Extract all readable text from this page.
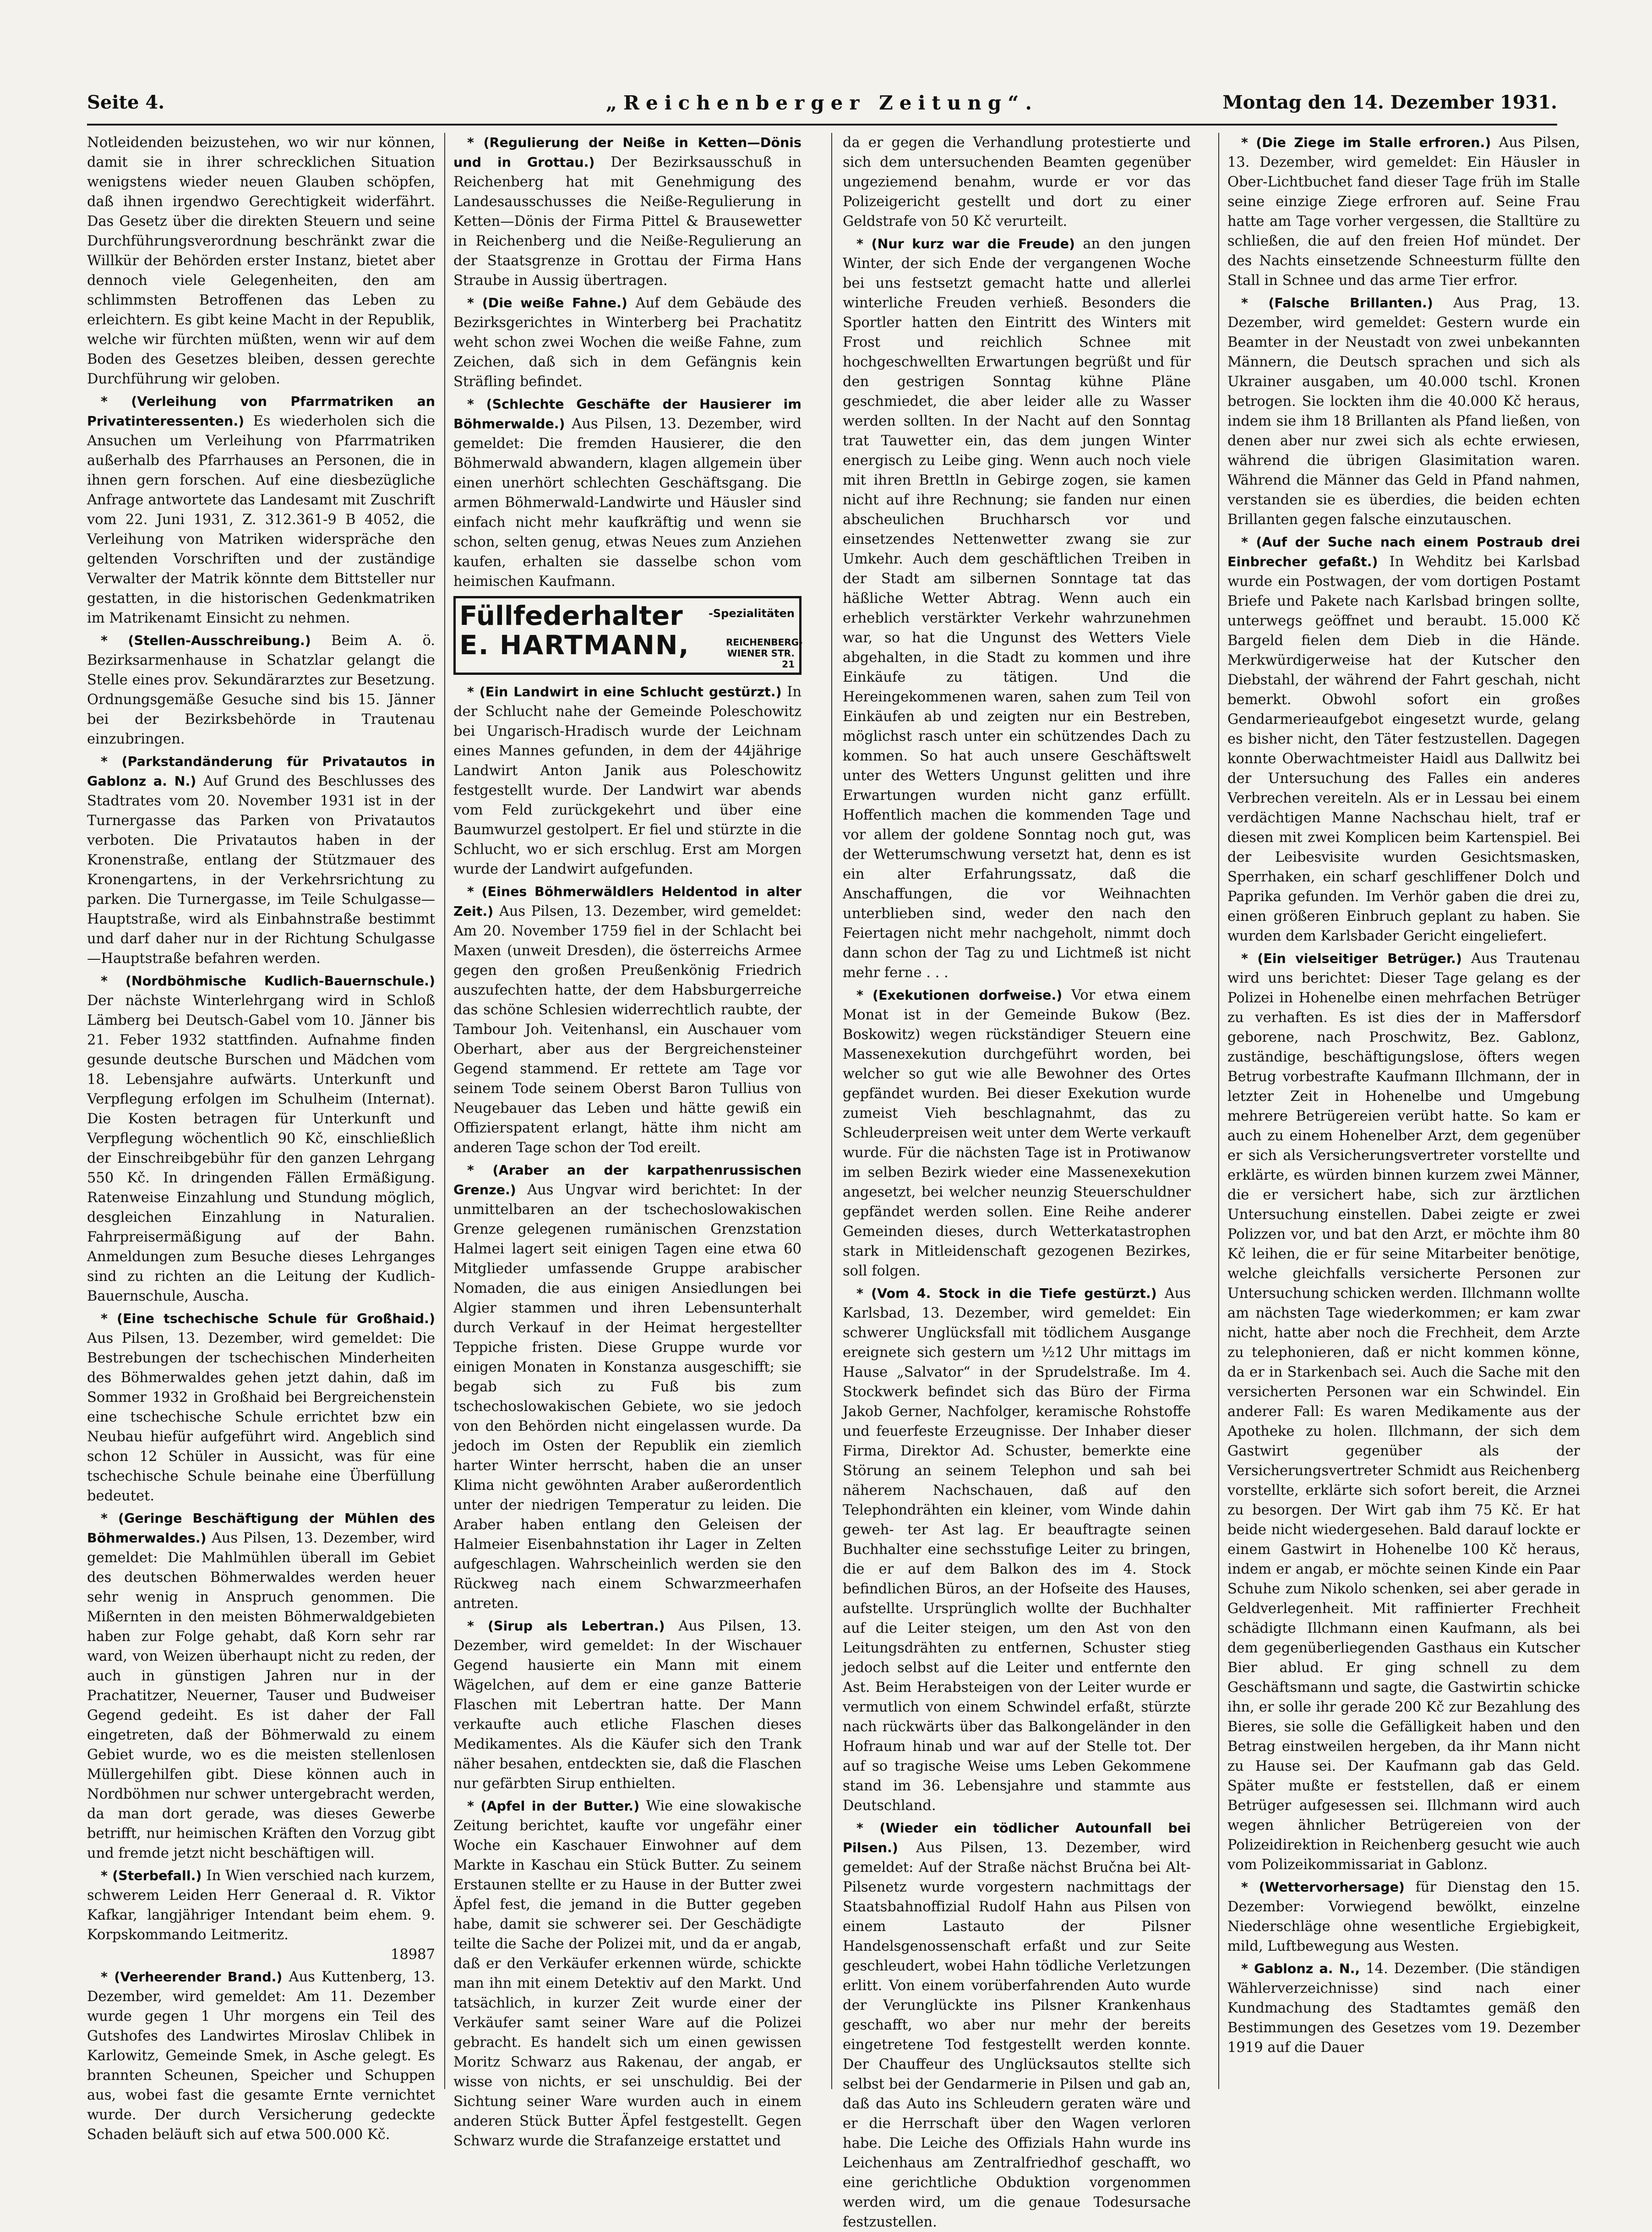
Seite 4.	„Reichenberger Zeitung“.	Montag den 14. Dezember 1931.

Notleidenden beizustehen, wo wir nur können, damit sie in ihrer schrecklichen Situation wenigstens wieder neuen Glauben schöpfen, daß ihnen irgendwo Gerechtigkeit widerfährt. Das Gesetz über die direkten Steuern und seine Durchführungsverordnung beschränkt zwar die Willkür der Behörden erster Instanz, bietet aber dennoch viele Gelegenheiten, den am schlimmsten Betroffenen das Leben zu erleichtern. Es gibt keine Macht in der Republik, welche wir fürchten müßten, wenn wir auf dem Boden des Gesetzes bleiben, dessen gerechte Durchführung wir geloben.

* (Verleihung von Pfarrmatriken an Privatinteressenten.) Es wiederholen sich die Ansuchen um Verleihung von Pfarrmatriken außerhalb des Pfarrhauses an Personen, die in ihnen gern forschen. Auf eine diesbezügliche Anfrage antwortete das Landesamt mit Zuschrift vom 22. Juni 1931, Z. 312.361-9 B 4052, die Verleihung von Matriken widerspräche den geltenden Vorschriften und der zuständige Verwalter der Matrik könnte dem Bittsteller nur gestatten, in die historischen Gedenkmatriken im Matrikenamt Einsicht zu nehmen.

* (Stellen-Ausschreibung.) Beim A. ö. Bezirksarmenhause in Schatzlar gelangt die Stelle eines prov. Sekundärarztes zur Besetzung. Ordnungsgemäße Gesuche sind bis 15. Jänner bei der Bezirksbehörde in Trautenau einzubringen.

* (Parkstandänderung für Privatautos in Gablonz a. N.) Auf Grund des Beschlusses des Stadtrates vom 20. November 1931 ist in der Turnergasse das Parken von Privatautos verboten. Die Privatautos haben in der Kronenstraße, entlang der Stützmauer des Kronengartens, in der Verkehrsrichtung zu parken. Die Turnergasse, im Teile Schulgasse—Hauptstraße, wird als Einbahnstraße bestimmt und darf daher nur in der Richtung Schulgasse—Hauptstraße befahren werden.

* (Nordböhmische Kudlich-Bauernschule.) Der nächste Winterlehrgang wird in Schloß Lämberg bei Deutsch-Gabel vom 10. Jänner bis 21. Feber 1932 stattfinden. Aufnahme finden gesunde deutsche Burschen und Mädchen vom 18. Lebensjahre aufwärts. Unterkunft und Verpflegung erfolgen im Schulheim (Internat). Die Kosten betragen für Unterkunft und Verpflegung wöchentlich 90 Kč, einschließlich der Einschreibgebühr für den ganzen Lehrgang 550 Kč. In dringenden Fällen Ermäßigung. Ratenweise Einzahlung und Stundung möglich, desgleichen Einzahlung in Naturalien. Fahrpreisermäßigung auf der Bahn. Anmeldungen zum Besuche dieses Lehrganges sind zu richten an die Leitung der Kudlich-Bauernschule, Auscha.

* (Eine tschechische Schule für Großhaid.) Aus Pilsen, 13. Dezember, wird gemeldet: Die Bestrebungen der tschechischen Minderheiten des Böhmerwaldes gehen jetzt dahin, daß im Sommer 1932 in Großhaid bei Bergreichenstein eine tschechische Schule errichtet bzw ein Neubau hiefür aufgeführt wird. Angeblich sind schon 12 Schüler in Aussicht, was für eine tschechische Schule beinahe eine Überfüllung bedeutet.

* (Geringe Beschäftigung der Mühlen des Böhmerwaldes.) Aus Pilsen, 13. Dezember, wird gemeldet: Die Mahlmühlen überall im Gebiet des deutschen Böhmerwaldes werden heuer sehr wenig in Anspruch genommen. Die Mißernten in den meisten Böhmerwaldgebieten haben zur Folge gehabt, daß Korn sehr rar ward, von Weizen überhaupt nicht zu reden, der auch in günstigen Jahren nur in der Prachatitzer, Neuerner, Tauser und Budweiser Gegend gedeiht. Es ist daher der Fall eingetreten, daß der Böhmerwald zu einem Gebiet wurde, wo es die meisten stellenlosen Müllergehilfen gibt. Diese können auch in Nordböhmen nur schwer untergebracht werden, da man dort gerade, was dieses Gewerbe betrifft, nur heimischen Kräften den Vorzug gibt und fremde jetzt nicht beschäftigen will.

* (Sterbefall.) In Wien verschied nach kurzem, schwerem Leiden Herr Generaal d. R. Viktor Kafkar, langjähriger Intendant beim ehem. 9. Korpskommando Leitmeritz.

18987

* (Verheerender Brand.) Aus Kuttenberg, 13. Dezember, wird gemeldet: Am 11. Dezember wurde gegen 1 Uhr morgens ein Teil des Gutshofes des Landwirtes Miroslav Chlibek in Karlowitz, Gemeinde Smek, in Asche gelegt. Es brannten Scheunen, Speicher und Schuppen aus, wobei fast die gesamte Ernte vernichtet wurde. Der durch Versicherung gedeckte Schaden beläuft sich auf etwa 500.000 Kč.

* (Regulierung der Neiße in Ketten—Dönis und in Grottau.) Der Bezirksausschuß in Reichenberg hat mit Genehmigung des Landesausschusses die Neiße-Regulierung in Ketten—Dönis der Firma Pittel & Brausewetter in Reichenberg und die Neiße-Regulierung an der Staatsgrenze in Grottau der Firma Hans Straube in Aussig übertragen.

* (Die weiße Fahne.) Auf dem Gebäude des Bezirksgerichtes in Winterberg bei Prachatitz weht schon zwei Wochen die weiße Fahne, zum Zeichen, daß sich in dem Gefängnis kein Sträfling befindet.

* (Schlechte Geschäfte der Hausierer im Böhmerwalde.) Aus Pilsen, 13. Dezember, wird gemeldet: Die fremden Hausierer, die den Böhmerwald abwandern, klagen allgemein über einen unerhört schlechten Geschäftsgang. Die armen Böhmerwald-Landwirte und Häusler sind einfach nicht mehr kaufkräftig und wenn sie schon, selten genug, etwas Neues zum Anziehen kaufen, erhalten sie dasselbe schon vom heimischen Kaufmann.

Füllfederhalter
E. HARTMANN,
-Spezialitäten
REICHENBERG-WIENER STR. 21

* (Ein Landwirt in eine Schlucht gestürzt.) In der Schlucht nahe der Gemeinde Poleschowitz bei Ungarisch-Hradisch wurde der Leichnam eines Mannes gefunden, in dem der 44jährige Landwirt Anton Janik aus Poleschowitz festgestellt wurde. Der Landwirt war abends vom Feld zurückgekehrt und über eine Baumwurzel gestolpert. Er fiel und stürzte in die Schlucht, wo er sich erschlug. Erst am Morgen wurde der Landwirt aufgefunden.

* (Eines Böhmerwäldlers Heldentod in alter Zeit.) Aus Pilsen, 13. Dezember, wird gemeldet: Am 20. November 1759 fiel in der Schlacht bei Maxen (unweit Dresden), die österreichs Armee gegen den großen Preußenkönig Friedrich auszufechten hatte, der dem Habsburgerreiche das schöne Schlesien widerrechtlich raubte, der Tambour Joh. Veitenhansl, ein Auschauer vom Oberhart, aber aus der Bergreichensteiner Gegend stammend. Er rettete am Tage vor seinem Tode seinem Oberst Baron Tullius von Neugebauer das Leben und hätte gewiß ein Offizierspatent erlangt, hätte ihm nicht am anderen Tage schon der Tod ereilt.

* (Araber an der karpathenrussischen Grenze.) Aus Ungvar wird berichtet: In der unmittelbaren an der tschechoslowakischen Grenze gelegenen rumänischen Grenzstation Halmei lagert seit einigen Tagen eine etwa 60 Mitglieder umfassende Gruppe arabischer Nomaden, die aus einigen Ansiedlungen bei Algier stammen und ihren Lebensunterhalt durch Verkauf in der Heimat hergestellter Teppiche fristen. Diese Gruppe wurde vor einigen Monaten in Konstanza ausgeschifft; sie begab sich zu Fuß bis zum tschechoslowakischen Gebiete, wo sie jedoch von den Behörden nicht eingelassen wurde. Da jedoch im Osten der Republik ein ziemlich harter Winter herrscht, haben die an unser Klima nicht gewöhnten Araber außerordentlich unter der niedrigen Temperatur zu leiden. Die Araber haben entlang den Geleisen der Halmeier Eisenbahnstation ihr Lager in Zelten aufgeschlagen. Wahrscheinlich werden sie den Rückweg nach einem Schwarzmeerhafen antreten.

* (Sirup als Lebertran.) Aus Pilsen, 13. Dezember, wird gemeldet: In der Wischauer Gegend hausierte ein Mann mit einem Wägelchen, auf dem er eine ganze Batterie Flaschen mit Lebertran hatte. Der Mann verkaufte auch etliche Flaschen dieses Medikamentes. Als die Käufer sich den Trank näher besahen, entdeckten sie, daß die Flaschen nur gefärbten Sirup enthielten.

* (Apfel in der Butter.) Wie eine slowakische Zeitung berichtet, kaufte vor ungefähr einer Woche ein Kaschauer Einwohner auf dem Markte in Kaschau ein Stück Butter. Zu seinem Erstaunen stellte er zu Hause in der Butter zwei Äpfel fest, die jemand in die Butter gegeben habe, damit sie schwerer sei. Der Geschädigte teilte die Sache der Polizei mit, und da er angab, daß er den Verkäufer erkennen würde, schickte man ihn mit einem Detektiv auf den Markt. Und tatsächlich, in kurzer Zeit wurde einer der Verkäufer samt seiner Ware auf die Polizei gebracht. Es handelt sich um einen gewissen Moritz Schwarz aus Rakenau, der angab, er wisse von nichts, er sei unschuldig. Bei der Sichtung seiner Ware wurden auch in einem anderen Stück Butter Äpfel festgestellt. Gegen Schwarz wurde die Strafanzeige erstattet und

da er gegen die Verhandlung protestierte und sich dem untersuchenden Beamten gegenüber ungeziemend benahm, wurde er vor das Polizeigericht gestellt und dort zu einer Geldstrafe von 50 Kč verurteilt.

* (Nur kurz war die Freude) an den jungen Winter, der sich Ende der vergangenen Woche bei uns festsetzt gemacht hatte und allerlei winterliche Freuden verhieß. Besonders die Sportler hatten den Eintritt des Winters mit Frost und reichlich Schnee mit hochgeschwellten Erwartungen begrüßt und für den gestrigen Sonntag kühne Pläne geschmiedet, die aber leider alle zu Wasser werden sollten. In der Nacht auf den Sonntag trat Tauwetter ein, das dem jungen Winter energisch zu Leibe ging. Wenn auch noch viele mit ihren Brettln in Gebirge zogen, sie kamen nicht auf ihre Rechnung; sie fanden nur einen abscheulichen Bruchharsch vor und einsetzendes Nettenwetter zwang sie zur Umkehr. Auch dem geschäftlichen Treiben in der Stadt am silbernen Sonntage tat das häßliche Wetter Abtrag. Wenn auch ein erheblich verstärkter Verkehr wahrzunehmen war, so hat die Ungunst des Wetters Viele abgehalten, in die Stadt zu kommen und ihre Einkäufe zu tätigen. Und die Hereingekommenen waren, sahen zum Teil von Einkäufen ab und zeigten nur ein Bestreben, möglichst rasch unter ein schützendes Dach zu kommen. So hat auch unsere Geschäftswelt unter des Wetters Ungunst gelitten und ihre Erwartungen wurden nicht ganz erfüllt. Hoffentlich machen die kommenden Tage und vor allem der goldene Sonntag noch gut, was der Wetterumschwung versetzt hat, denn es ist ein alter Erfahrungssatz, daß die Anschaffungen, die vor Weihnachten unterblieben sind, weder den nach den Feiertagen nicht mehr nachgeholt, nimmt doch dann schon der Tag zu und Lichtmeß ist nicht mehr ferne . . .

* (Exekutionen dorfweise.) Vor etwa einem Monat ist in der Gemeinde Bukow (Bez. Boskowitz) wegen rückständiger Steuern eine Massenexekution durchgeführt worden, bei welcher so gut wie alle Bewohner des Ortes gepfändet wurden. Bei dieser Exekution wurde zumeist Vieh beschlagnahmt, das zu Schleuderpreisen weit unter dem Werte verkauft wurde. Für die nächsten Tage ist in Protiwanow im selben Bezirk wieder eine Massenexekution angesetzt, bei welcher neunzig Steuerschuldner gepfändet werden sollen. Eine Reihe anderer Gemeinden dieses, durch Wetterkatastrophen stark in Mitleidenschaft gezogenen Bezirkes, soll folgen.

* (Vom 4. Stock in die Tiefe gestürzt.) Aus Karlsbad, 13. Dezember, wird gemeldet: Ein schwerer Unglücksfall mit tödlichem Ausgange ereignete sich gestern um ½12 Uhr mittags im Hause „Salvator“ in der Sprudelstraße. Im 4. Stockwerk befindet sich das Büro der Firma Jakob Gerner, Nachfolger, keramische Rohstoffe und feuerfeste Erzeugnisse. Der Inhaber dieser Firma, Direktor Ad. Schuster, bemerkte eine Störung an seinem Telephon und sah bei näherem Nachschauen, daß auf den Telephondrähten ein kleiner, vom Winde dahin geweh- ter Ast lag. Er beauftragte seinen Buchhalter eine sechsstufige Leiter zu bringen, die er auf dem Balkon des im 4. Stock befindlichen Büros, an der Hofseite des Hauses, aufstellte. Ursprünglich wollte der Buchhalter auf die Leiter steigen, um den Ast von den Leitungsdrähten zu entfernen, Schuster stieg jedoch selbst auf die Leiter und entfernte den Ast. Beim Herabsteigen von der Leiter wurde er vermutlich von einem Schwindel erfaßt, stürzte nach rückwärts über das Balkongeländer in den Hofraum hinab und war auf der Stelle tot. Der auf so tragische Weise ums Leben Gekommene stand im 36. Lebensjahre und stammte aus Deutschland.

* (Wieder ein tödlicher Autounfall bei Pilsen.) Aus Pilsen, 13. Dezember, wird gemeldet: Auf der Straße nächst Bručna bei Alt-Pilsenetz wurde vorgestern nachmittags der Staatsbahnoffizial Rudolf Hahn aus Pilsen von einem Lastauto der Pilsner Handelsgenossenschaft erfaßt und zur Seite geschleudert, wobei Hahn tödliche Verletzungen erlitt. Von einem vorüberfahrenden Auto wurde der Verunglückte ins Pilsner Krankenhaus geschafft, wo aber nur mehr der bereits eingetretene Tod festgestellt werden konnte. Der Chauffeur des Unglücksautos stellte sich selbst bei der Gendarmerie in Pilsen und gab an, daß das Auto ins Schleudern geraten wäre und er die Herrschaft über den Wagen verloren habe. Die Leiche des Offizials Hahn wurde ins Leichenhaus am Zentralfriedhof geschafft, wo eine gerichtliche Obduktion vorgenommen werden wird, um die genaue Todesursache festzustellen.

* (Die Ziege im Stalle erfroren.) Aus Pilsen, 13. Dezember, wird gemeldet: Ein Häusler in Ober-Lichtbuchet fand dieser Tage früh im Stalle seine einzige Ziege erfroren auf. Seine Frau hatte am Tage vorher vergessen, die Stalltüre zu schließen, die auf den freien Hof mündet. Der des Nachts einsetzende Schneesturm füllte den Stall in Schnee und das arme Tier erfror.

* (Falsche Brillanten.) Aus Prag, 13. Dezember, wird gemeldet: Gestern wurde ein Beamter in der Neustadt von zwei unbekannten Männern, die Deutsch sprachen und sich als Ukrainer ausgaben, um 40.000 tschl. Kronen betrogen. Sie lockten ihm die 40.000 Kč heraus, indem sie ihm 18 Brillanten als Pfand ließen, von denen aber nur zwei sich als echte erwiesen, während die übrigen Glasimitation waren. Während die Männer das Geld in Pfand nahmen, verstanden sie es überdies, die beiden echten Brillanten gegen falsche einzutauschen.

* (Auf der Suche nach einem Postraub drei Einbrecher gefaßt.) In Wehditz bei Karlsbad wurde ein Postwagen, der vom dortigen Postamt Briefe und Pakete nach Karlsbad bringen sollte, unterwegs geöffnet und beraubt. 15.000 Kč Bargeld fielen dem Dieb in die Hände. Merkwürdigerweise hat der Kutscher den Diebstahl, der während der Fahrt geschah, nicht bemerkt. Obwohl sofort ein großes Gendarmerieaufgebot eingesetzt wurde, gelang es bisher nicht, den Täter festzustellen. Dagegen konnte Oberwachtmeister Haidl aus Dallwitz bei der Untersuchung des Falles ein anderes Verbrechen vereiteln. Als er in Lessau bei einem verdächtigen Manne Nachschau hielt, traf er diesen mit zwei Komplicen beim Kartenspiel. Bei der Leibesvisite wurden Gesichtsmasken, Sperrhaken, ein scharf geschliffener Dolch und Paprika gefunden. Im Verhör gaben die drei zu, einen größeren Einbruch geplant zu haben. Sie wurden dem Karlsbader Gericht eingeliefert.

* (Ein vielseitiger Betrüger.) Aus Trautenau wird uns berichtet: Dieser Tage gelang es der Polizei in Hohenelbe einen mehrfachen Betrüger zu verhaften. Es ist dies der in Maffersdorf geborene, nach Proschwitz, Bez. Gablonz, zuständige, beschäftigungslose, öfters wegen Betrug vorbestrafte Kaufmann Illchmann, der in letzter Zeit in Hohenelbe und Umgebung mehrere Betrügereien verübt hatte. So kam er auch zu einem Hohenelber Arzt, dem gegenüber er sich als Versicherungsvertreter vorstellte und erklärte, es würden binnen kurzem zwei Männer, die er versichert habe, sich zur ärztlichen Untersuchung einstellen. Dabei zeigte er zwei Polizzen vor, und bat den Arzt, er möchte ihm 80 Kč leihen, die er für seine Mitarbeiter benötige, welche gleichfalls versicherte Personen zur Untersuchung schicken werden. Illchmann wollte am nächsten Tage wiederkommen; er kam zwar nicht, hatte aber noch die Frechheit, dem Arzte zu telephonieren, daß er nicht kommen könne, da er in Starkenbach sei. Auch die Sache mit den versicherten Personen war ein Schwindel. Ein anderer Fall: Es waren Medikamente aus der Apotheke zu holen. Illchmann, der sich dem Gastwirt gegenüber als der Versicherungsvertreter Schmidt aus Reichenberg vorstellte, erklärte sich sofort bereit, die Arznei zu besorgen. Der Wirt gab ihm 75 Kč. Er hat beide nicht wiedergesehen. Bald darauf lockte er einem Gastwirt in Hohenelbe 100 Kč heraus, indem er angab, er möchte seinen Kinde ein Paar Schuhe zum Nikolo schenken, sei aber gerade in Geldverlegenheit. Mit raffinierter Frechheit schädigte Illchmann einen Kaufmann, als bei dem gegenüberliegenden Gasthaus ein Kutscher Bier ablud. Er ging schnell zu dem Geschäftsmann und sagte, die Gastwirtin schicke ihn, er solle ihr gerade 200 Kč zur Bezahlung des Bieres, sie solle die Gefälligkeit haben und den Betrag einstweilen hergeben, da ihr Mann nicht zu Hause sei. Der Kaufmann gab das Geld. Später mußte er feststellen, daß er einem Betrüger aufgesessen sei. Illchmann wird auch wegen ähnlicher Betrügereien von der Polizeidirektion in Reichenberg gesucht wie auch vom Polizeikommissariat in Gablonz.

* (Wettervorhersage) für Dienstag den 15. Dezember: Vorwiegend bewölkt, einzelne Niederschläge ohne wesentliche Ergiebigkeit, mild, Luftbewegung aus Westen.

* Gablonz a. N., 14. Dezember. (Die ständigen Wählerverzeichnisse) sind nach einer Kundmachung des Stadtamtes gemäß den Bestimmungen des Gesetzes vom 19. Dezember 1919 auf die Dauer
